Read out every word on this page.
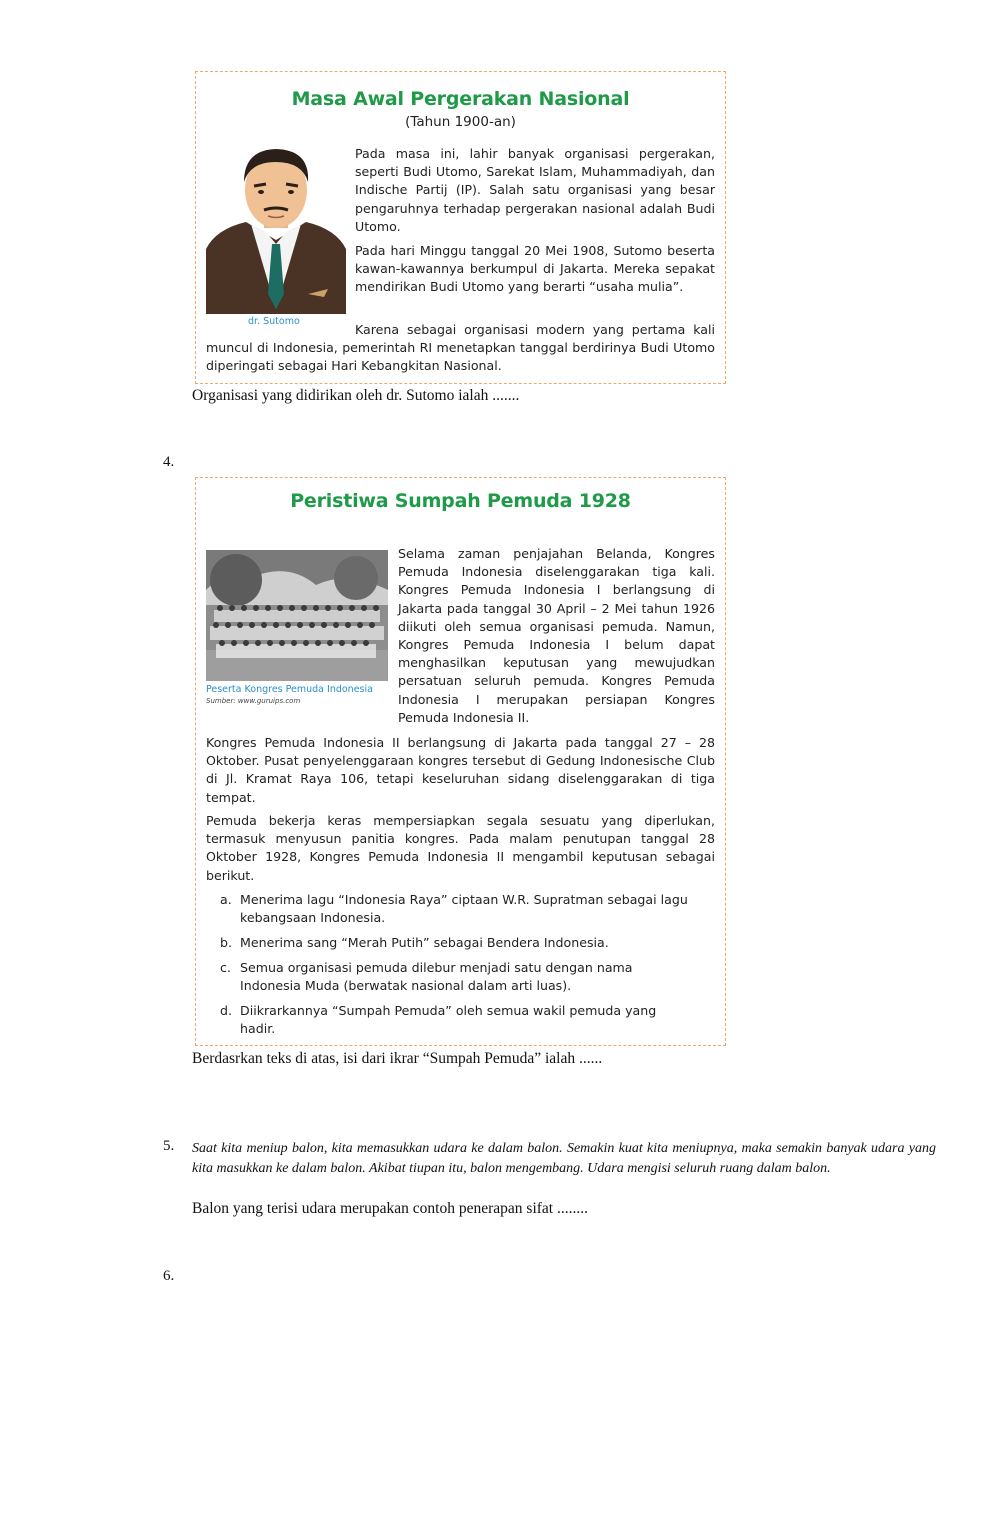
Masa Awal Pergerakan Nasional
(Tahun 1900-an)
dr. Sutomo

Pada masa ini, lahir banyak organisasi pergerakan, seperti Budi Utomo, Sarekat Islam, Muhammadiyah, dan Indische Partij (IP). Salah satu organisasi yang besar pengaruhnya terhadap pergerakan nasional adalah Budi Utomo.

Pada hari Minggu tanggal 20 Mei 1908, Sutomo beserta kawan-kawannya berkumpul di Jakarta. Mereka sepakat mendirikan Budi Utomo yang berarti “usaha mulia”.

Karena sebagai organisasi modern yang pertama kali muncul di Indonesia, pemerintah RI menetapkan tanggal berdirinya Budi Utomo diperingati sebagai Hari Kebangkitan Nasional.

Organisasi yang didirikan oleh dr. Sutomo ialah .......
4.
Peristiwa Sumpah Pemuda 1928
Peserta Kongres Pemuda Indonesia
Sumber: www.guruips.com

Selama zaman penjajahan Belanda, Kongres Pemuda Indonesia diselenggarakan tiga kali. Kongres Pemuda Indonesia I berlangsung di Jakarta pada tanggal 30 April – 2 Mei tahun 1926 diikuti oleh semua organisasi pemuda. Namun, Kongres Pemuda Indonesia I belum dapat menghasilkan keputusan yang mewujudkan persatuan seluruh pemuda. Kongres Pemuda Indonesia I merupakan persiapan Kongres Pemuda Indonesia II.

Kongres Pemuda Indonesia II berlangsung di Jakarta pada tanggal 27 – 28 Oktober. Pusat penyelenggaraan kongres tersebut di Gedung Indonesische Club di Jl. Kramat Raya 106, tetapi keseluruhan sidang diselenggarakan di tiga tempat.

Pemuda bekerja keras mempersiapkan segala sesuatu yang diperlukan, termasuk menyusun panitia kongres. Pada malam penutupan tanggal 28 Oktober 1928, Kongres Pemuda Indonesia II mengambil keputusan sebagai berikut.

a. Menerima lagu “Indonesia Raya” ciptaan W.R. Supratman sebagai lagu kebangsaan Indonesia.
b. Menerima sang “Merah Putih” sebagai Bendera Indonesia.
c. Semua organisasi pemuda dilebur menjadi satu dengan nama Indonesia Muda (berwatak nasional dalam arti luas).
d. Diikrarkannya “Sumpah Pemuda” oleh semua wakil pemuda yang hadir.
Berdasrkan teks di atas, isi dari ikrar “Sumpah Pemuda” ialah ......
5. Saat kita meniup balon, kita memasukkan udara ke dalam balon. Semakin kuat kita meniupnya, maka semakin banyak udara yang kita masukkan ke dalam balon. Akibat tiupan itu, balon mengembang. Udara mengisi seluruh ruang dalam balon.

Balon yang terisi udara merupakan contoh penerapan sifat ........
6.
